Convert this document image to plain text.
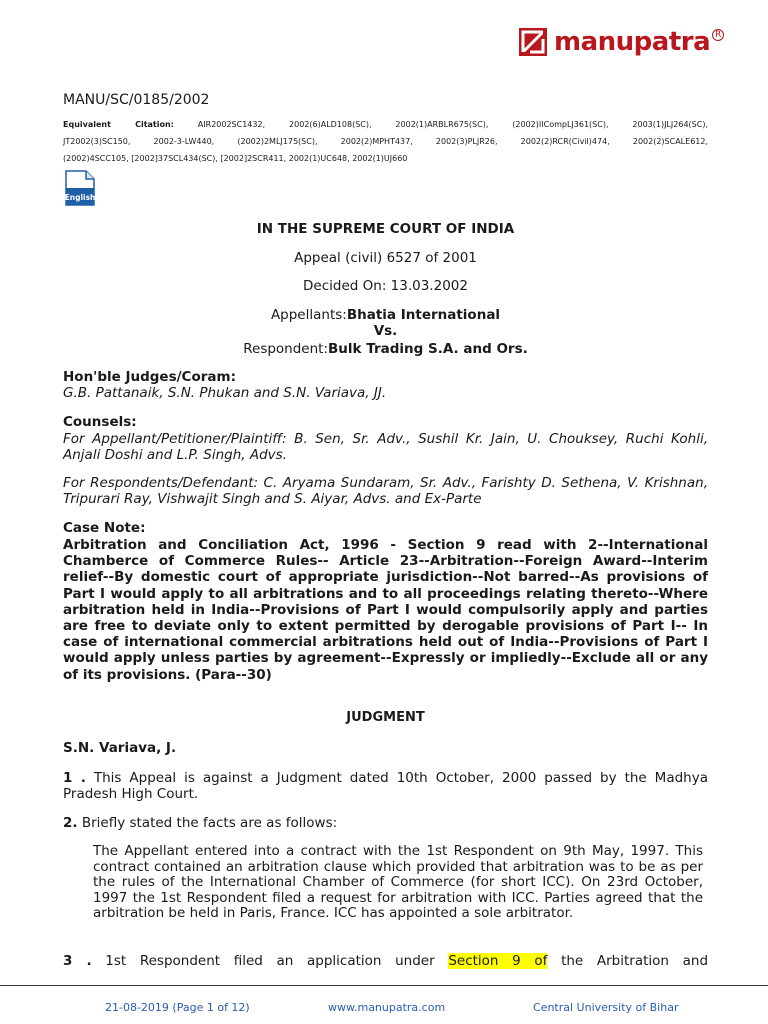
manupatra R
MANU/SC/0185/2002
Equivalent Citation:	AIR2002SC1432, 2002(6)ALD108(SC), 2002(1)ARBLR675(SC), (2002)IICompLJ361(SC), 2003(1)JLJ264(SC),
JT2002(3)SC150, 2002-3-LW440, (2002)2MLJ175(SC), 2002(2)MPHT437, 2002(3)PLJR26, 2002(2)RCR(Civil)474, 2002(2)SCALE612,
(2002)4SCC105, [2002]37SCL434(SC), [2002]2SCR411, 2002(1)UC648, 2002(1)UJ660
English
IN THE SUPREME COURT OF INDIA
Appeal (civil) 6527 of 2001
Decided On: 13.03.2002
Appellants:Bhatia International
Vs.
Respondent:Bulk Trading S.A. and Ors.
Hon'ble Judges/Coram:
G.B. Pattanaik, S.N. Phukan and S.N. Variava, JJ.
Counsels:
For Appellant/Petitioner/Plaintiff: B. Sen, Sr. Adv., Sushil Kr. Jain, U. Chouksey, Ruchi Kohli, Anjali Doshi and L.P. Singh, Advs.
For Respondents/Defendant: C. Aryama Sundaram, Sr. Adv., Farishty D. Sethena, V. Krishnan, Tripurari Ray, Vishwajit Singh and S. Aiyar, Advs. and Ex-Parte
Case Note:
Arbitration and Conciliation Act, 1996 - Section 9 read with 2--International Chamberce of Commerce Rules-- Article 23--Arbitration--Foreign Award--Interim relief--By domestic court of appropriate jurisdiction--Not barred--As provisions of Part I would apply to all arbitrations and to all proceedings relating thereto--Where arbitration held in India--Provisions of Part I would compulsorily apply and parties are free to deviate only to extent permitted by derogable provisions of Part I-- In case of international commercial arbitrations held out of India--Provisions of Part I would apply unless parties by agreement--Expressly or impliedly--Exclude all or any of its provisions. (Para--30)
JUDGMENT
S.N. Variava, J.
1 . This Appeal is against a Judgment dated 10th October, 2000 passed by the Madhya Pradesh High Court.
2. Briefly stated the facts are as follows:
The Appellant entered into a contract with the 1st Respondent on 9th May, 1997. This contract contained an arbitration clause which provided that arbitration was to be as per the rules of the International Chamber of Commerce (for short ICC). On 23rd October, 1997 the 1st Respondent filed a request for arbitration with ICC. Parties agreed that the arbitration be held in Paris, France. ICC has appointed a sole arbitrator.
3 . 1st Respondent filed an application under Section 9 of the Arbitration and
21-08-2019 (Page 1 of 12)	www.manupatra.com	Central University of Bihar
